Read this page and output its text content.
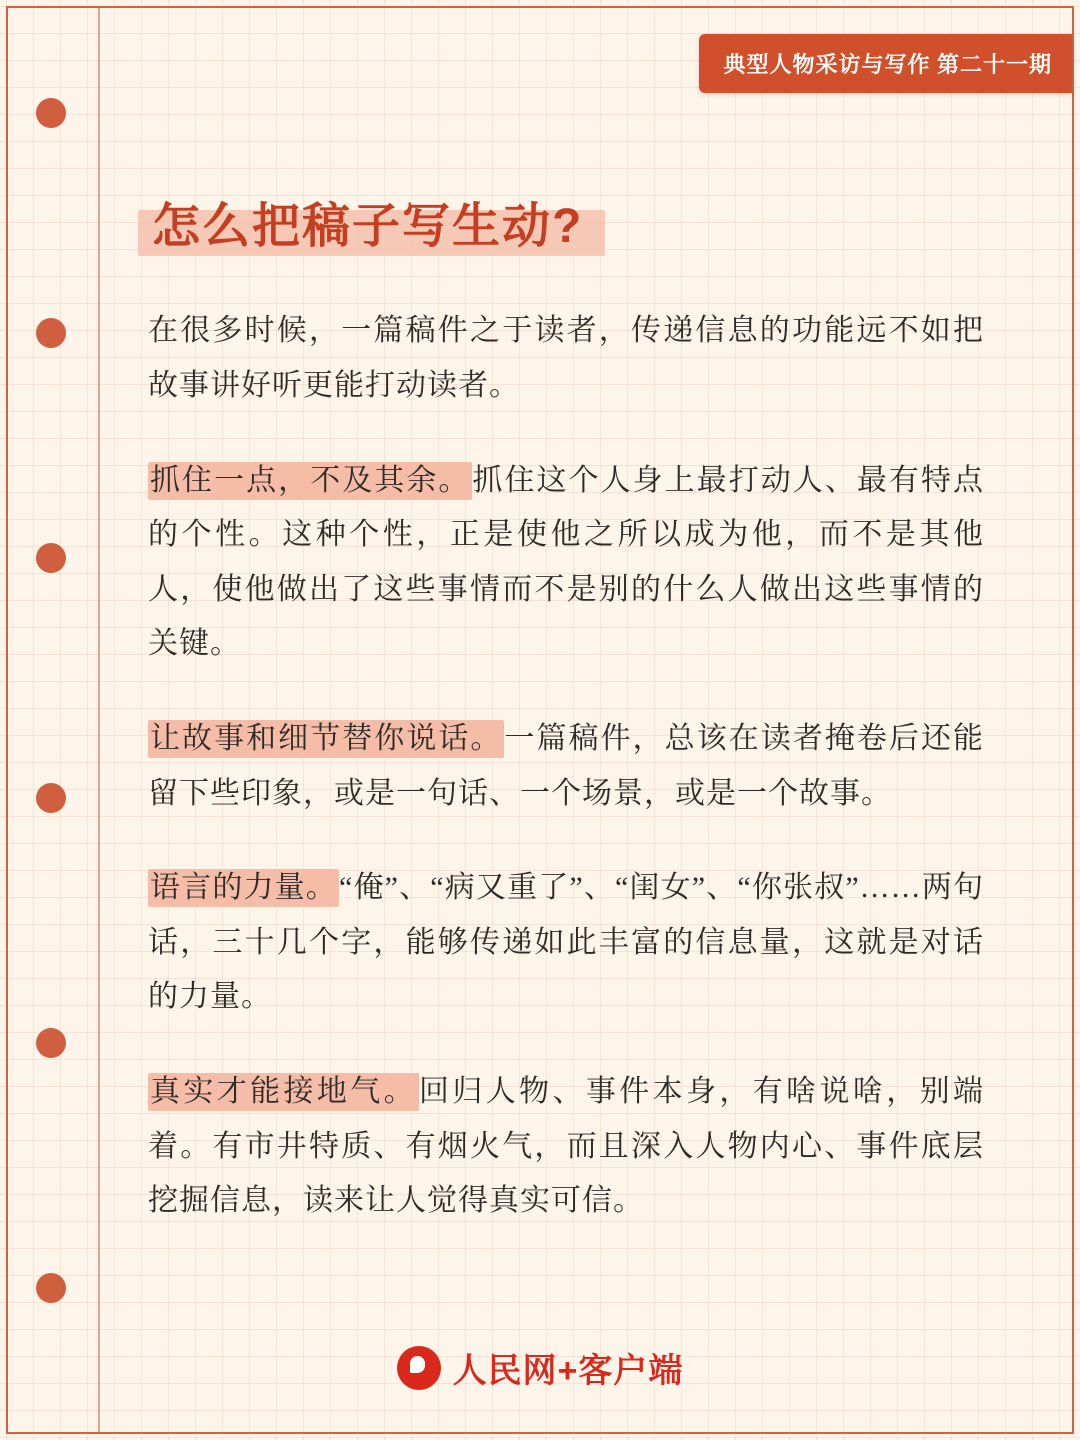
典型人物采访与写作 第二十一期
怎么把稿子写生动?

在很多时候，一篇稿件之于读者，传递信息的功能远不如把故事讲好听更能打动读者。

抓住一点，不及其余。抓住这个人身上最打动人、最有特点的个性。这种个性，正是使他之所以成为他，而不是其他人，使他做出了这些事情而不是别的什么人做出这些事情的关键。

让故事和细节替你说话。一篇稿件，总该在读者掩卷后还能留下些印象，或是一句话、一个场景，或是一个故事。

语言的力量。“俺”、“病又重了”、“闺女”、“你张叔”……两句话，三十几个字，能够传递如此丰富的信息量，这就是对话的力量。

真实才能接地气。回归人物、事件本身，有啥说啥，别端着。有市井特质、有烟火气，而且深入人物内心、事件底层挖掘信息，读来让人觉得真实可信。

人民网+客户端
